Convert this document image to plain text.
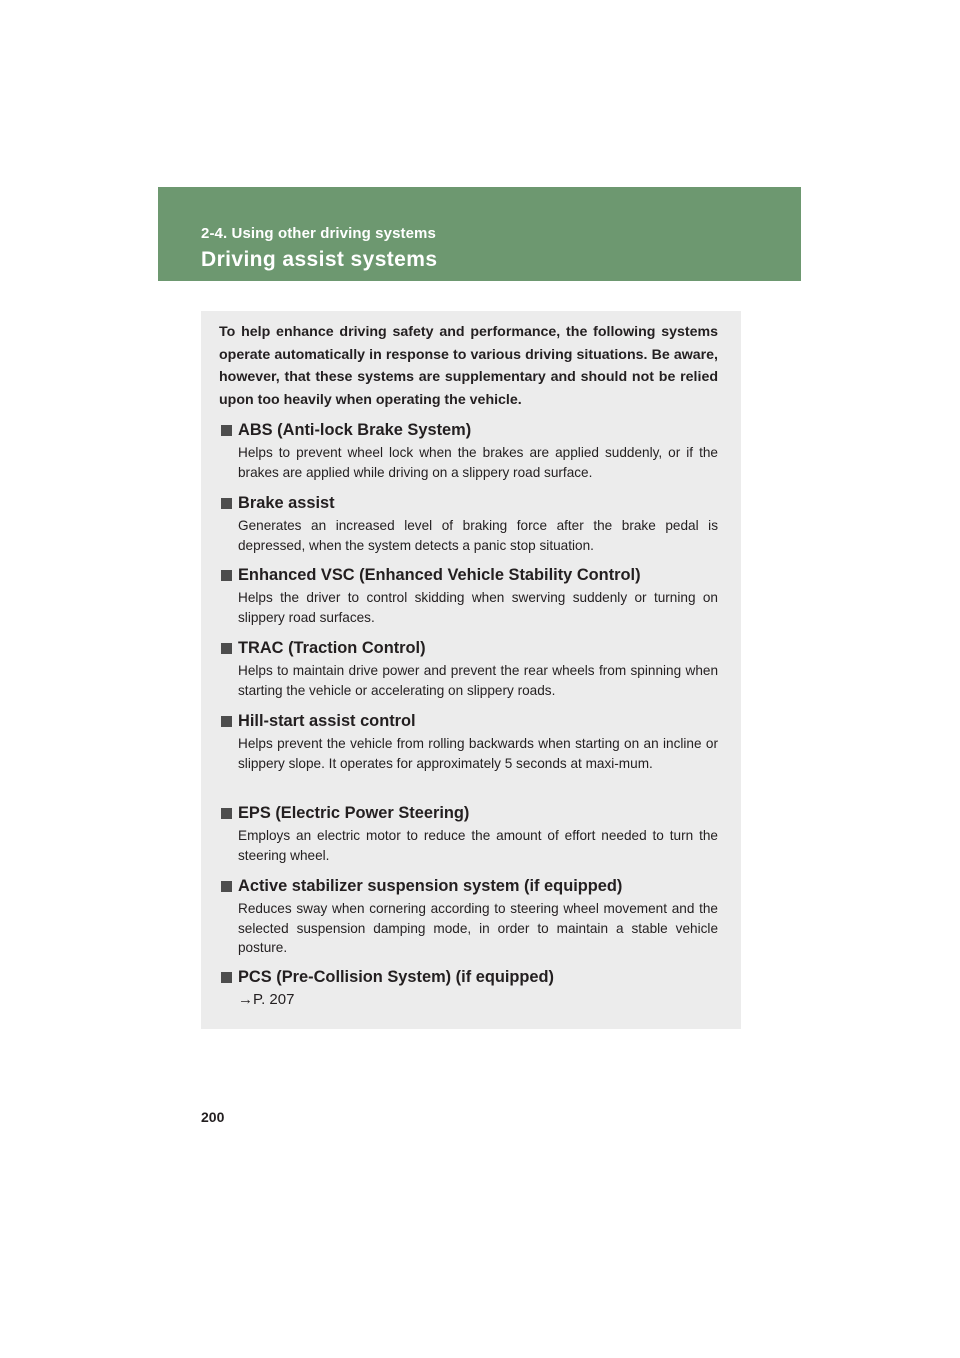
2-4. Using other driving systems
Driving assist systems
To help enhance driving safety and performance, the following systems operate automatically in response to various driving situations. Be aware, however, that these systems are supplementary and should not be relied upon too heavily when operating the vehicle.
ABS (Anti-lock Brake System)
Helps to prevent wheel lock when the brakes are applied suddenly, or if the brakes are applied while driving on a slippery road surface.
Brake assist
Generates an increased level of braking force after the brake pedal is depressed, when the system detects a panic stop situation.
Enhanced VSC (Enhanced Vehicle Stability Control)
Helps the driver to control skidding when swerving suddenly or turning on slippery road surfaces.
TRAC (Traction Control)
Helps to maintain drive power and prevent the rear wheels from spinning when starting the vehicle or accelerating on slippery roads.
Hill-start assist control
Helps prevent the vehicle from rolling backwards when starting on an incline or slippery slope. It operates for approximately 5 seconds at maxi-mum.
EPS (Electric Power Steering)
Employs an electric motor to reduce the amount of effort needed to turn the steering wheel.
Active stabilizer suspension system (if equipped)
Reduces sway when cornering according to steering wheel movement and the selected suspension damping mode, in order to maintain a stable vehicle posture.
PCS (Pre-Collision System) (if equipped)
→P. 207
200
